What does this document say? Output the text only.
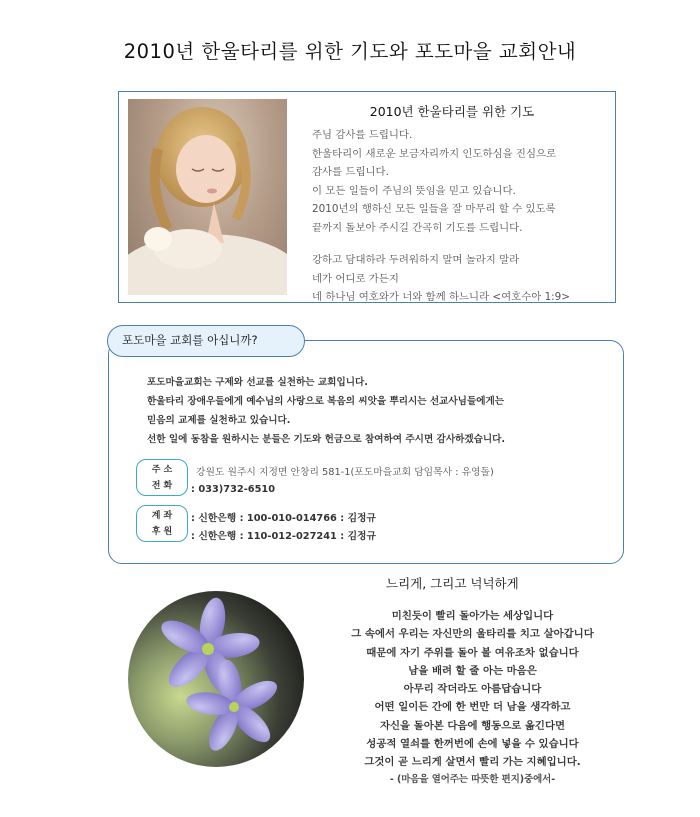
2010년 한울타리를 위한 기도와 포도마을 교회안내
2010년 한울타리를 위한 기도
주님 감사를 드립니다.
한울타리이 새로운 보금자리까지 인도하심을 진심으로
감사를 드립니다.
이 모든 일들이 주님의 뜻임을 믿고 있습니다.
2010년의 행하신 모든 일들을 잘 마무리 할 수 있도록
끝까지 돌보아 주시길 간곡히 기도를 드립니다.
강하고 담대하라 두려워하지 말며 놀라지 말라
네가 어디로 가든지
네 하나님 여호와가 너와 함께 하느니라 <여호수아 1:9>
포도마을 교회를 아십니까?
포도마을교회는 구제와 선교를 실천하는 교회입니다.
한울타리 장애우들에게 예수님의 사랑으로 복음의 씨앗을 뿌리시는 선교사님들에게는
믿음의 교제를 실천하고 있습니다.
선한 일에 동참을 원하시는 분들은 기도와 헌금으로 참여하여 주시면 감사하겠습니다.
주 소
전 화
강원도 원주시 지정면 안창리 581-1(포도마을교회 담임목사 : 유영돌)
: 033)732-6510
계 좌
후 원
: 신한은행 : 100-010-014766 : 김정규
: 신한은행 : 110-012-027241 : 김정규
느리게, 그리고 넉넉하게
미친듯이 빨리 돌아가는 세상입니다
그 속에서 우리는 자신만의 울타리를 치고 살아갑니다
때문에 자기 주위를 돌아 볼 여유조차 없습니다
남을 배려 할 줄 아는 마음은
아무리 작더라도 아름답습니다
어떤 일이든 간에 한 번만 더 남을 생각하고
자신을 돌아본 다음에 행동으로 옮긴다면
성공적 열쇠를 한꺼번에 손에 넣을 수 있습니다
그것이 곧 느리게 살면서 빨리 가는 지혜입니다.
- (마음을 열어주는 따뜻한 편지)중에서-
